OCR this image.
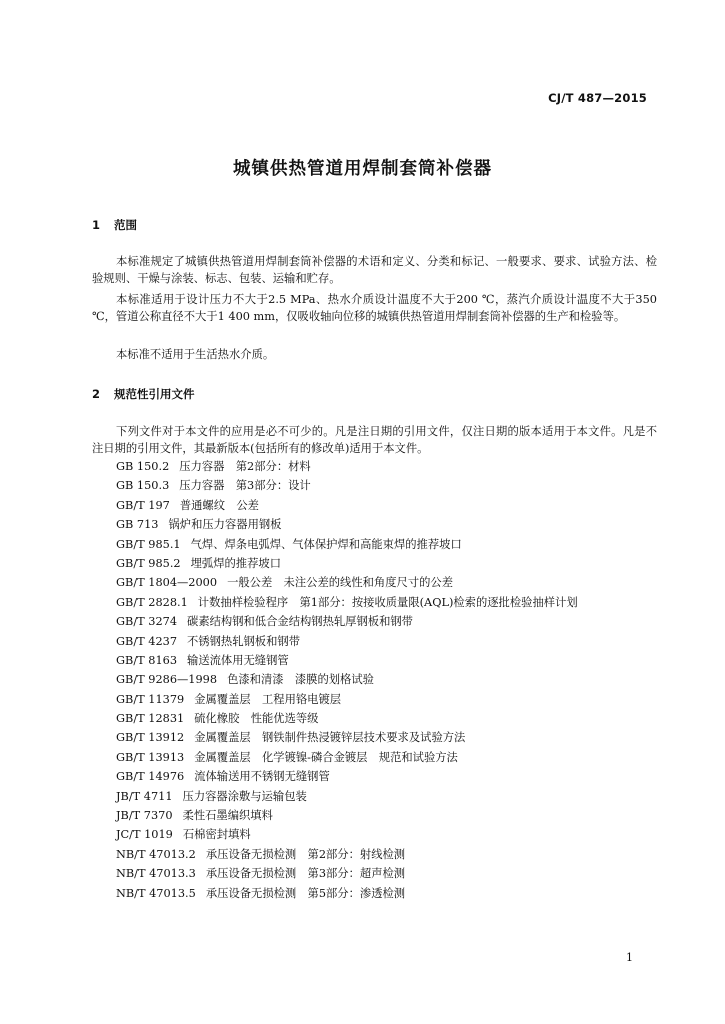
CJ/T 487—2015
城镇供热管道用焊制套筒补偿器
1 范围
本标准规定了城镇供热管道用焊制套筒补偿器的术语和定义、分类和标记、一般要求、要求、试验方法、检验规则、干燥与涂装、标志、包装、运输和贮存。
本标准适用于设计压力不大于2.5 MPa、热水介质设计温度不大于200 ℃，蒸汽介质设计温度不大于350 ℃，管道公称直径不大于1 400 mm，仅吸收轴向位移的城镇供热管道用焊制套筒补偿器的生产和检验等。
本标准不适用于生活热水介质。
2 规范性引用文件
下列文件对于本文件的应用是必不可少的。凡是注日期的引用文件，仅注日期的版本适用于本文件。凡是不注日期的引用文件，其最新版本(包括所有的修改单)适用于本文件。
GB 150.2 压力容器　第2部分：材料
GB 150.3 压力容器　第3部分：设计
GB/T 197 普通螺纹　公差
GB 713 锅炉和压力容器用钢板
GB/T 985.1 气焊、焊条电弧焊、气体保护焊和高能束焊的推荐坡口
GB/T 985.2 埋弧焊的推荐坡口
GB/T 1804—2000 一般公差　未注公差的线性和角度尺寸的公差
GB/T 2828.1 计数抽样检验程序　第1部分：按接收质量限(AQL)检索的逐批检验抽样计划
GB/T 3274 碳素结构钢和低合金结构钢热轧厚钢板和钢带
GB/T 4237 不锈钢热轧钢板和钢带
GB/T 8163 输送流体用无缝钢管
GB/T 9286—1998 色漆和清漆　漆膜的划格试验
GB/T 11379 金属覆盖层　工程用铬电镀层
GB/T 12831 硫化橡胶　性能优选等级
GB/T 13912 金属覆盖层　钢铁制件热浸镀锌层技术要求及试验方法
GB/T 13913 金属覆盖层　化学镀镍-磷合金镀层　规范和试验方法
GB/T 14976 流体输送用不锈钢无缝钢管
JB/T 4711 压力容器涂敷与运输包装
JB/T 7370 柔性石墨编织填料
JC/T 1019 石棉密封填料
NB/T 47013.2 承压设备无损检测　第2部分：射线检测
NB/T 47013.3 承压设备无损检测　第3部分：超声检测
NB/T 47013.5 承压设备无损检测　第5部分：渗透检测
1
